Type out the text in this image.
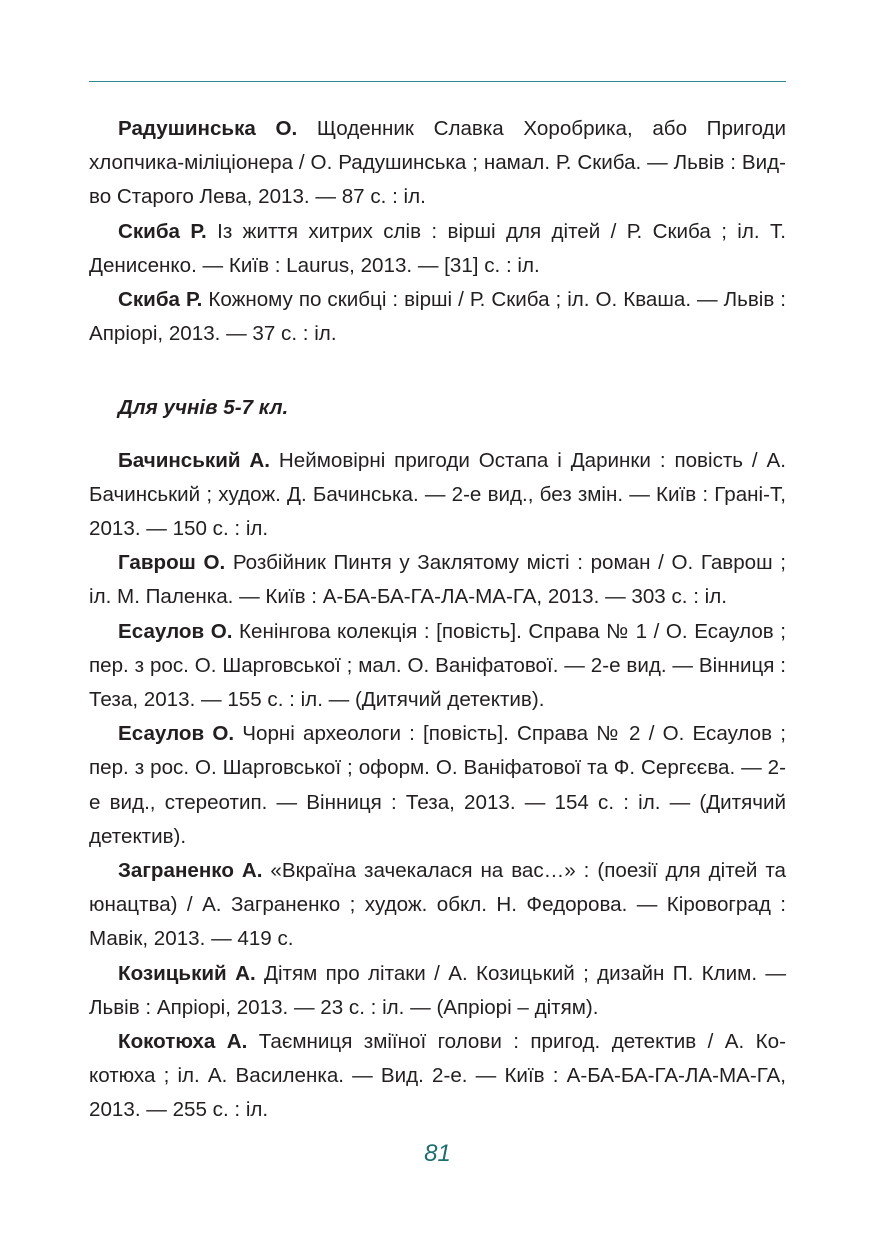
Радушинська О. Щоденник Славка Хоробрика, або Пригоди хлопчика-міліціонера / О. Радушинська ; намал. Р. Скиба. — Львів : Вид-во Старого Лева, 2013. — 87 с. : іл.

Скиба Р. Із життя хитрих слів : вірші для дітей / Р. Скиба ; іл. Т. Денисенко. — Київ : Laurus, 2013. — [31] с. : іл.

Скиба Р. Кожному по скибці : вірші / Р. Скиба ; іл. О. Кваша. — Львів : Апріорі, 2013. — 37 с. : іл.

Для учнів 5-7 кл.

Бачинський А. Неймовірні пригоди Остапа і Даринки : повість / А. Бачинський ; худож. Д. Бачинська. — 2-е вид., без змін. — Київ : Грані-Т, 2013. — 150 с. : іл.

Гаврош О. Розбійник Пинтя у Заклятому місті : роман / О. Гаврош ; іл. М. Паленка. — Київ : А-БА-БА-ГА-ЛА-МА-ГА, 2013. — 303 с. : іл.

Есаулов О. Кенінгова колекція : [повість]. Справа № 1 / О. Есаулов ; пер. з рос. О. Шарговської ; мал. О. Ваніфатової. — 2-е вид. — Вінниця : Теза, 2013. — 155 с. : іл. — (Дитячий детектив).

Есаулов О. Чорні археологи : [повість]. Справа № 2 / О. Есаулов ; пер. з рос. О. Шарговської ; оформ. О. Ваніфатової та Ф. Сергєєва. — 2-е вид., стереотип. — Вінниця : Теза, 2013. — 154 с. : іл. — (Дитячий детектив).

Заграненко А. «Вкраїна зачекалася на вас…» : (поезії для дітей та юнацтва) / А. Заграненко ; худож. обкл. Н. Федорова. — Кіровоград : Мавік, 2013. — 419 с.

Козицький А. Дітям про літаки / А. Козицький ; дизайн П. Клим. — Львів : Апріорі, 2013. — 23 с. : іл. — (Апріорі – дітям).

Кокотюха А. Таємниця зміїної голови : пригод. детектив / А. Кокотюха ; іл. А. Василенка. — Вид. 2-е. — Київ : А-БА-БА-ГА-ЛА-МА-ГА, 2013. — 255 с. : іл.

81
